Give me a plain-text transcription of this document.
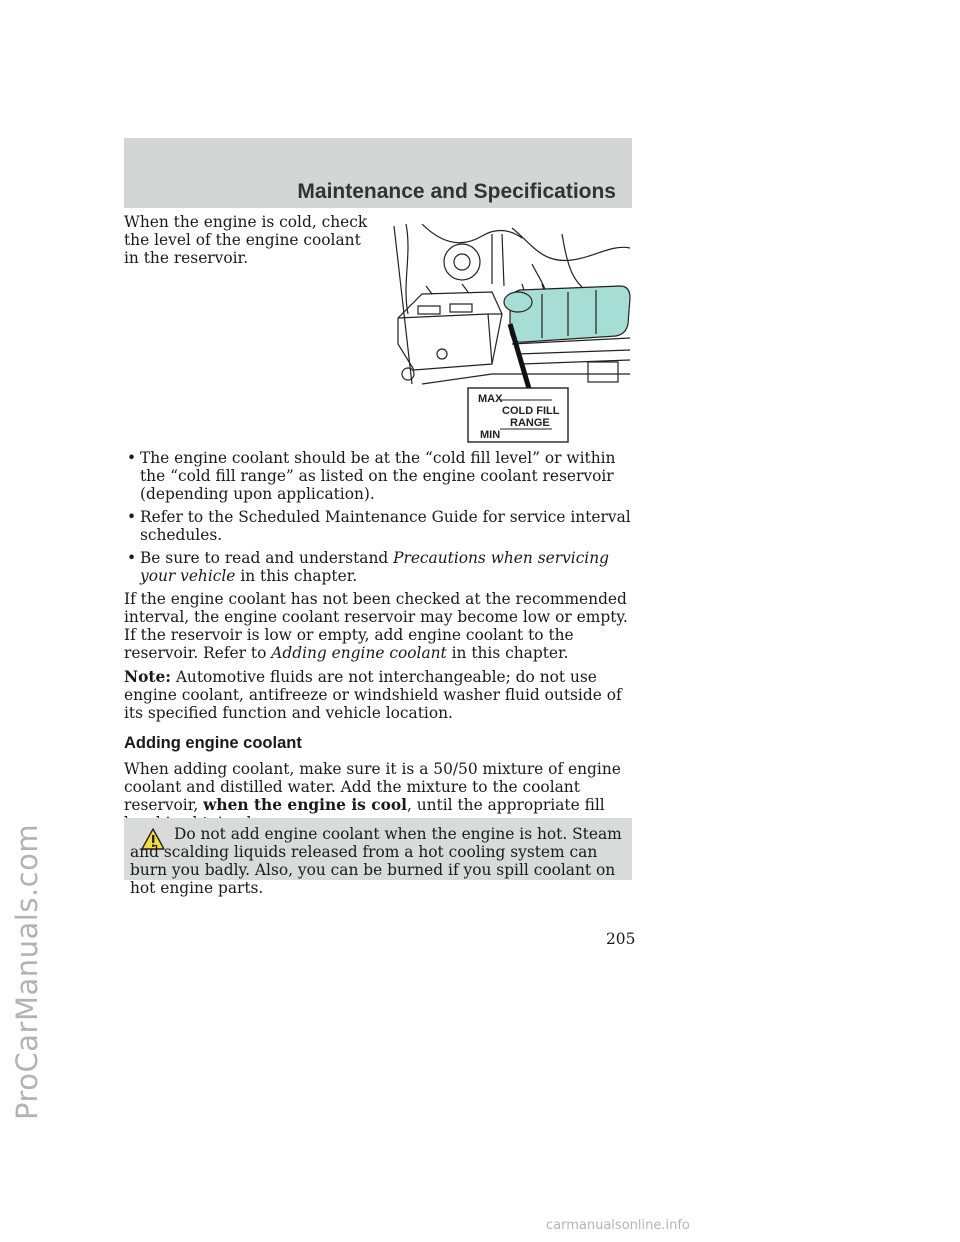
Maintenance and Specifications
ProCarManuals.com
When the engine is cold, check the level of the engine coolant in the reservoir.
MAX
COLD FILL
RANGE
MIN
• The engine coolant should be at the “cold fill level” or within the “cold fill range” as listed on the engine coolant reservoir (depending upon application).
• Refer to the Scheduled Maintenance Guide for service interval schedules.
• Be sure to read and understand Precautions when servicing your vehicle in this chapter.

If the engine coolant has not been checked at the recommended interval, the engine coolant reservoir may become low or empty. If the reservoir is low or empty, add engine coolant to the reservoir. Refer to Adding engine coolant in this chapter.

Note: Automotive fluids are not interchangeable; do not use engine coolant, antifreeze or windshield washer fluid outside of its specified function and vehicle location.

Adding engine coolant

When adding coolant, make sure it is a 50/50 mixture of engine coolant and distilled water. Add the mixture to the coolant reservoir, when the engine is cool, until the appropriate fill

Do not add engine coolant when the engine is hot. Steam and scalding liquids released from a hot cooling system can burn you badly. Also, you can be burned if you spill coolant on hot engine parts.
205
carmanualsonline.info
